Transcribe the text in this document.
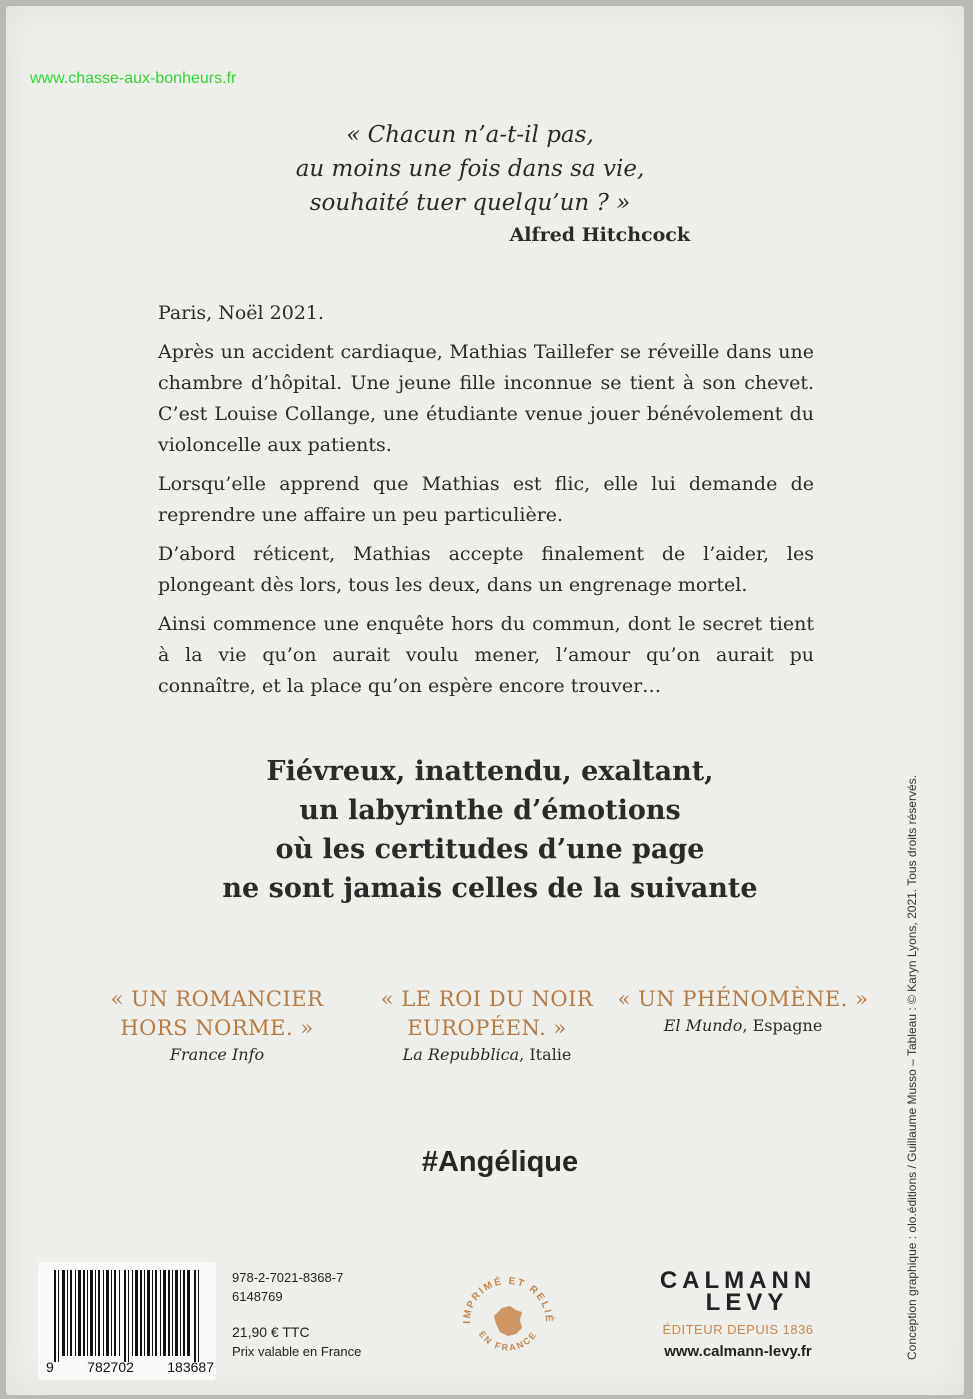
www.chasse-aux-bonheurs.fr
« Chacun n’a-t-il pas,
au moins une fois dans sa vie,
souhaité tuer quelqu’un ? »
Alfred Hitchcock

Paris, Noël 2021.

Après un accident cardiaque, Mathias Taillefer se réveille dans une chambre d’hôpital. Une jeune fille inconnue se tient à son chevet. C’est Louise Collange, une étudiante venue jouer bénévolement du violoncelle aux patients.

Lorsqu’elle apprend que Mathias est flic, elle lui demande de reprendre une affaire un peu particulière.

D’abord réticent, Mathias accepte finalement de l’aider, les plongeant dès lors, tous les deux, dans un engrenage mortel.

Ainsi commence une enquête hors du commun, dont le secret tient à la vie qu’on aurait voulu mener, l’amour qu’on aurait pu connaître, et la place qu’on espère encore trouver…

Fiévreux, inattendu, exaltant,
un labyrinthe d’émotions
où les certitudes d’une page
ne sont jamais celles de la suivante
« UN ROMANCIER
HORS NORME. »
France Info
« LE ROI DU NOIR
EUROPÉEN. »
La Repubblica, Italie
« UN PHÉNOMÈNE. »
El Mundo, Espagne
#Angélique
9 782702 183687
978-2-7021-8368-7
6148769
21,90 € TTC
Prix valable en France
IMPRIMÉ ET RELIÉ
EN FRANCE
CALMANN
LEVY
ÉDITEUR DEPUIS 1836
www.calmann-levy.fr	Conception graphique : olo.éditions / Guillaume Musso – Tableau : © Karyn Lyons, 2021. Tous droits réservés.
